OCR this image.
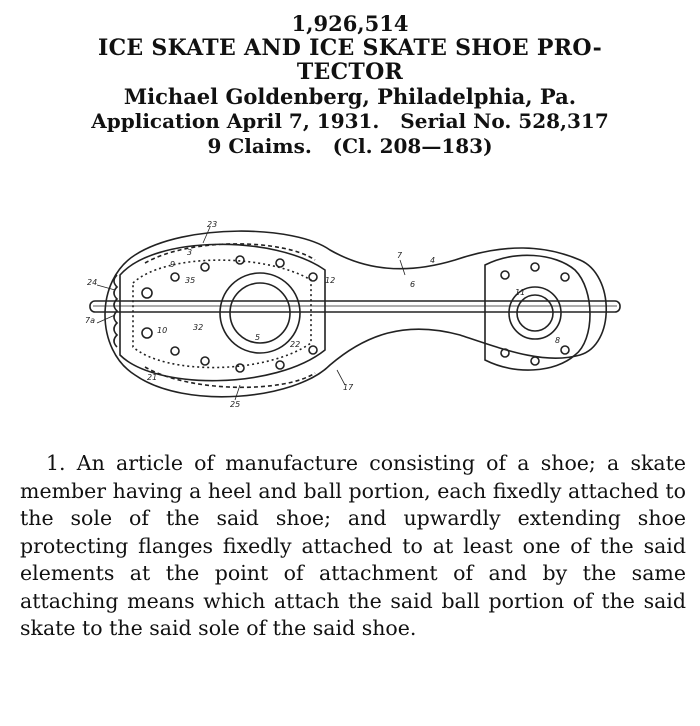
1,926,514
ICE SKATE AND ICE SKATE SHOE PRO-
TECTOR
Michael Goldenberg, Philadelphia, Pa.
Application April 7, 1931.   Serial No. 528,317
9 Claims.   (Cl. 208—183)
23
7
4
6
3
9
35	12
24
7a
10	32
5
22
21
25
17
11
8
1. An article of manufacture consisting of a shoe; a skate member having a heel and ball portion, each fixedly attached to the sole of the said shoe; and upwardly extending shoe protecting flanges fixedly attached to at least one of the said elements at the point of attachment of and by the same attaching means which attach the said ball portion of the said skate to the said sole of the said shoe.
